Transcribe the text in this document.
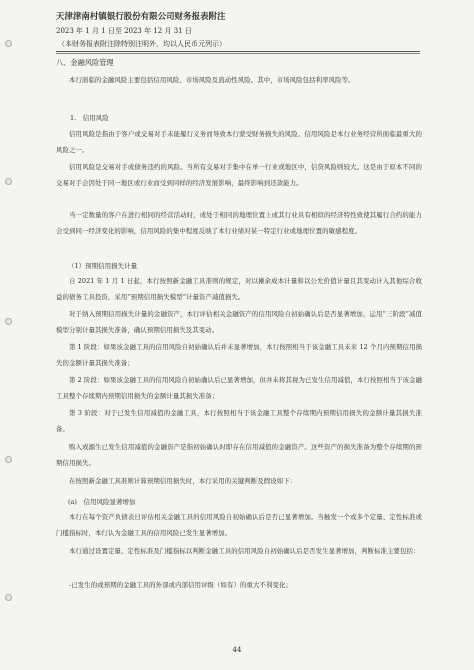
天津津南村镇银行股份有限公司财务报表附注
2023 年 1 月 1 日至 2023 年 12 月 31 日
（本财务报表附注除特别注明外，均以人民币元列示）
八、金融风险管理

本行面临的金融风险主要包括信用风险、市场风险及流动性风险。其中，市场风险包括利率风险等。

1.　信用风险

信用风险是指由于客户或交易对手未能履行义务而导致本行蒙受财务损失的风险。信用风险是本行业务经营所面临最重大的风险之一。

信用风险是交易对手或债务违约的风险。当所有交易对手集中在单一行业或地区中，信贷风险则较大。这是由于原本不同的交易对手会因处于同一地区或行业而受到同样的经济发展影响，最终影响到还款能力。

当一定数量的客户在进行相同的经营活动时，或处于相同的地理位置上或其行业具有相似的经济特性致使其履行合约的能力会受到同一经济变化的影响，信用风险的集中程度反映了本行业绩对某一特定行业或地理位置的敏感程度。

（1）预期信用损失计量

自 2021 年 1 月 1 日起，本行按照新金融工具准则的规定，对以摊余成本计量和以公允价值计量且其变动计入其他综合收益的债务工具投资，采用“预期信用损失模型”计量资产减值损失。

对于纳入预期信用损失计量的金融资产，本行评估相关金融资产的信用风险自初始确认后是否显著增加，运用“三阶段”减值模型分别计量其损失准备，确认预期信用损失及其变动。

第 1 阶段：如果该金融工具的信用风险自初始确认后并未显著增加，本行按照相当于该金融工具未来 12 个月内预期信用损失的金额计量其损失准备；

第 2 阶段：如果该金融工具的信用风险自初始确认后已显著增加，但并未将其视为已发生信用减值，本行按照相当于该金融工具整个存续期内预期信用损失的金额计量其损失准备；

第 3 阶段：对于已发生信用减值的金融工具，本行按照相当于该金融工具整个存续期内预期信用损失的金额计量其损失准备。

购入或源生已发生信用减值的金融资产是指初始确认时即存在信用减值的金融资产。这些资产的损失准备为整个存续期的预期信用损失。

在按照新金融工具准则计算预期信用损失时，本行采用的关键判断及假设如下：

(a)　信用风险显著增加

本行在每个资产负债表日评估相关金融工具的信用风险自初始确认后是否已显著增加。当触发一个或多个定量、定性标准或门槛指标时，本行认为金融工具的信用风险已发生显著增加。

本行通过设置定量、定性标准及门槛指标以判断金融工具的信用风险自初始确认后是否发生显著增加，判断标准主要包括：

-已发生的或预期的金融工具的外部或内部信用评级（如有）的重大不利变化；

44
